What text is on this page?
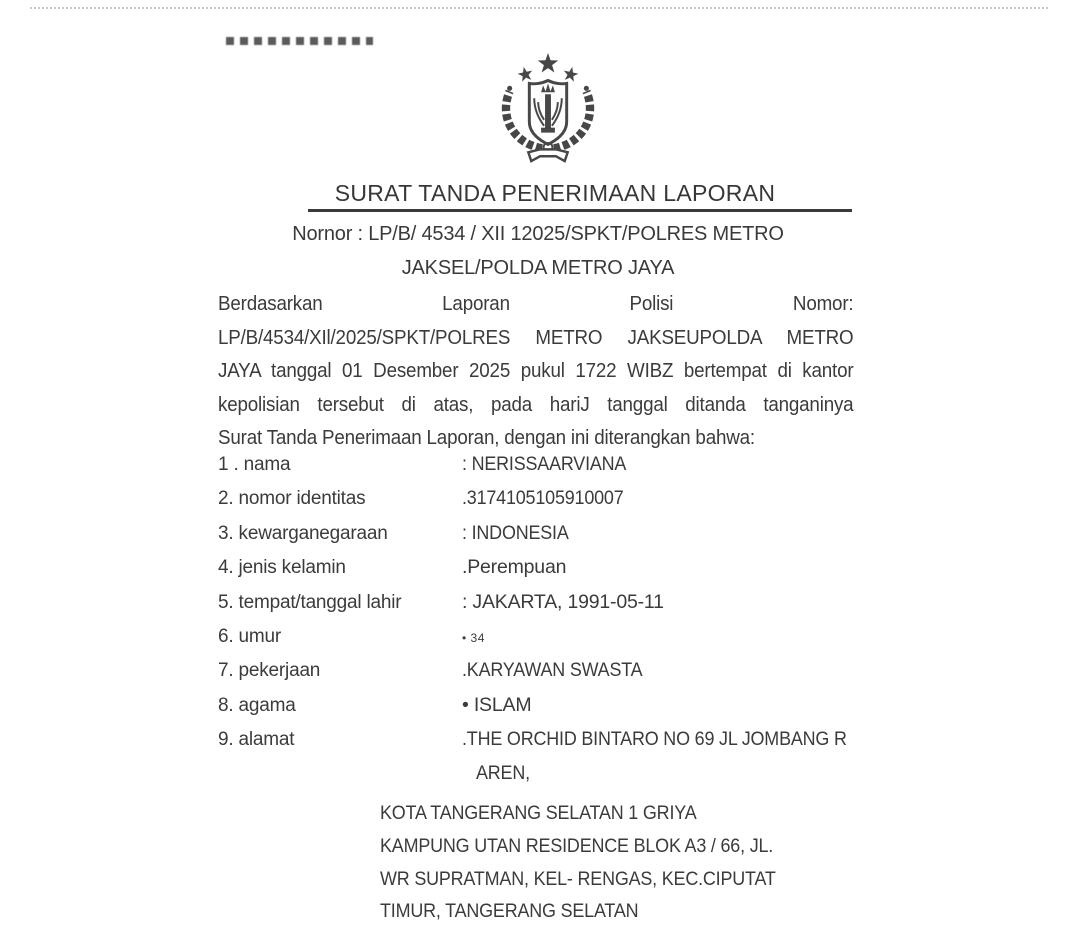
SURAT TANDA PENERIMAAN LAPORAN
Nornor : LP/B/ 4534 / XII 12025/SPKT/POLRES METRO
JAKSEL/POLDA METRO JAYA
Berdasarkan Laporan Polisi Nomor:
LP/B/4534/XIl/2025/SPKT/POLRES METRO JAKSEUPOLDA METRO
JAYA tanggal 01 Desember 2025 pukul 1722 WIBZ bertempat di kantor
kepolisian tersebut di atas, pada hariJ tanggal ditanda tanganinya
Surat Tanda Penerimaan Laporan, dengan ini diterangkan bahwa:
1 . nama	: NERISSAARVIANA
2. nomor identitas	.3174105105910007
3. kewarganegaraan	: INDONESIA
4. jenis kelamin	.Perempuan
5. tempat/tanggal lahir	: JAKARTA, 1991-05-11
6. umur	• 34
7. pekerjaan	.KARYAWAN SWASTA
8. agama	• ISLAM
9. alamat	.THE ORCHID BINTARO NO 69 JL JOMBANG R
AREN,
KOTA TANGERANG SELATAN 1 GRIYA
KAMPUNG UTAN RESIDENCE BLOK A3 / 66, JL.
WR SUPRATMAN, KEL- RENGAS, KEC.CIPUTAT
TIMUR, TANGERANG SELATAN
